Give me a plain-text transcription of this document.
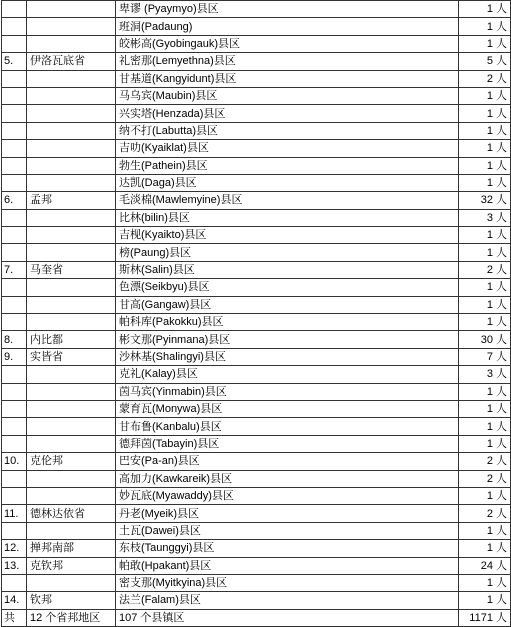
		卑谬 (Pyaymyo)县区	1 人
		班洞(Padaung)	1 人
		皎彬高(Gyobingauk)县区	1 人
5.	伊洛瓦底省	礼密那(Lemyethna)县区	5 人
		甘基道(Kangyidunt)县区	2 人
		马乌宾(Maubin)县区	1 人
		兴实塔(Henzada)县区	1 人
		纳不打(Labutta)县区	1 人
		吉叻(Kyaiklat)县区	1 人
		勃生(Pathein)县区	1 人
		达凯(Daga)县区	1 人
6.	孟邦	毛淡棉(Mawlemyine)县区	32 人
		比林(bilin)县区	3 人
		吉枧(Kyaikto)县区	1 人
		榜(Paung)县区	1 人
7.	马奎省	斯林(Salin)县区	2 人
		色漂(Seikbyu)县区	1 人
		甘高(Gangaw)县区	1 人
		帕科库(Pakokku)县区	1 人
8.	内比都	彬文那(Pyinmana)县区	30 人
9.	实皆省	沙林基(Shalingyi)县区	7 人
		克礼(Kalay)县区	3 人
		茵马宾(Yinmabin)县区	1 人
		蒙育瓦(Monywa)县区	1 人
		甘布鲁(Kanbalu)县区	1 人
		德拜茵(Tabayin)县区	1 人
10.	克伦邦	巴安(Pa-an)县区	2 人
		高加力(Kawkareik)县区	2 人
		妙瓦底(Myawaddy)县区	1 人
11.	德林达依省	丹老(Myeik)县区	2 人
		土瓦(Dawei)县区	1 人
12.	掸邦南部	东枝(Taunggyi)县区	1 人
13.	克钦邦	帕敢(Hpakant)县区	24 人
		密支那(Myitkyina)县区	1 人
14.	钦邦	法兰(Falam)县区	1 人
共	12 个省邦地区	107 个县镇区	1171 人
